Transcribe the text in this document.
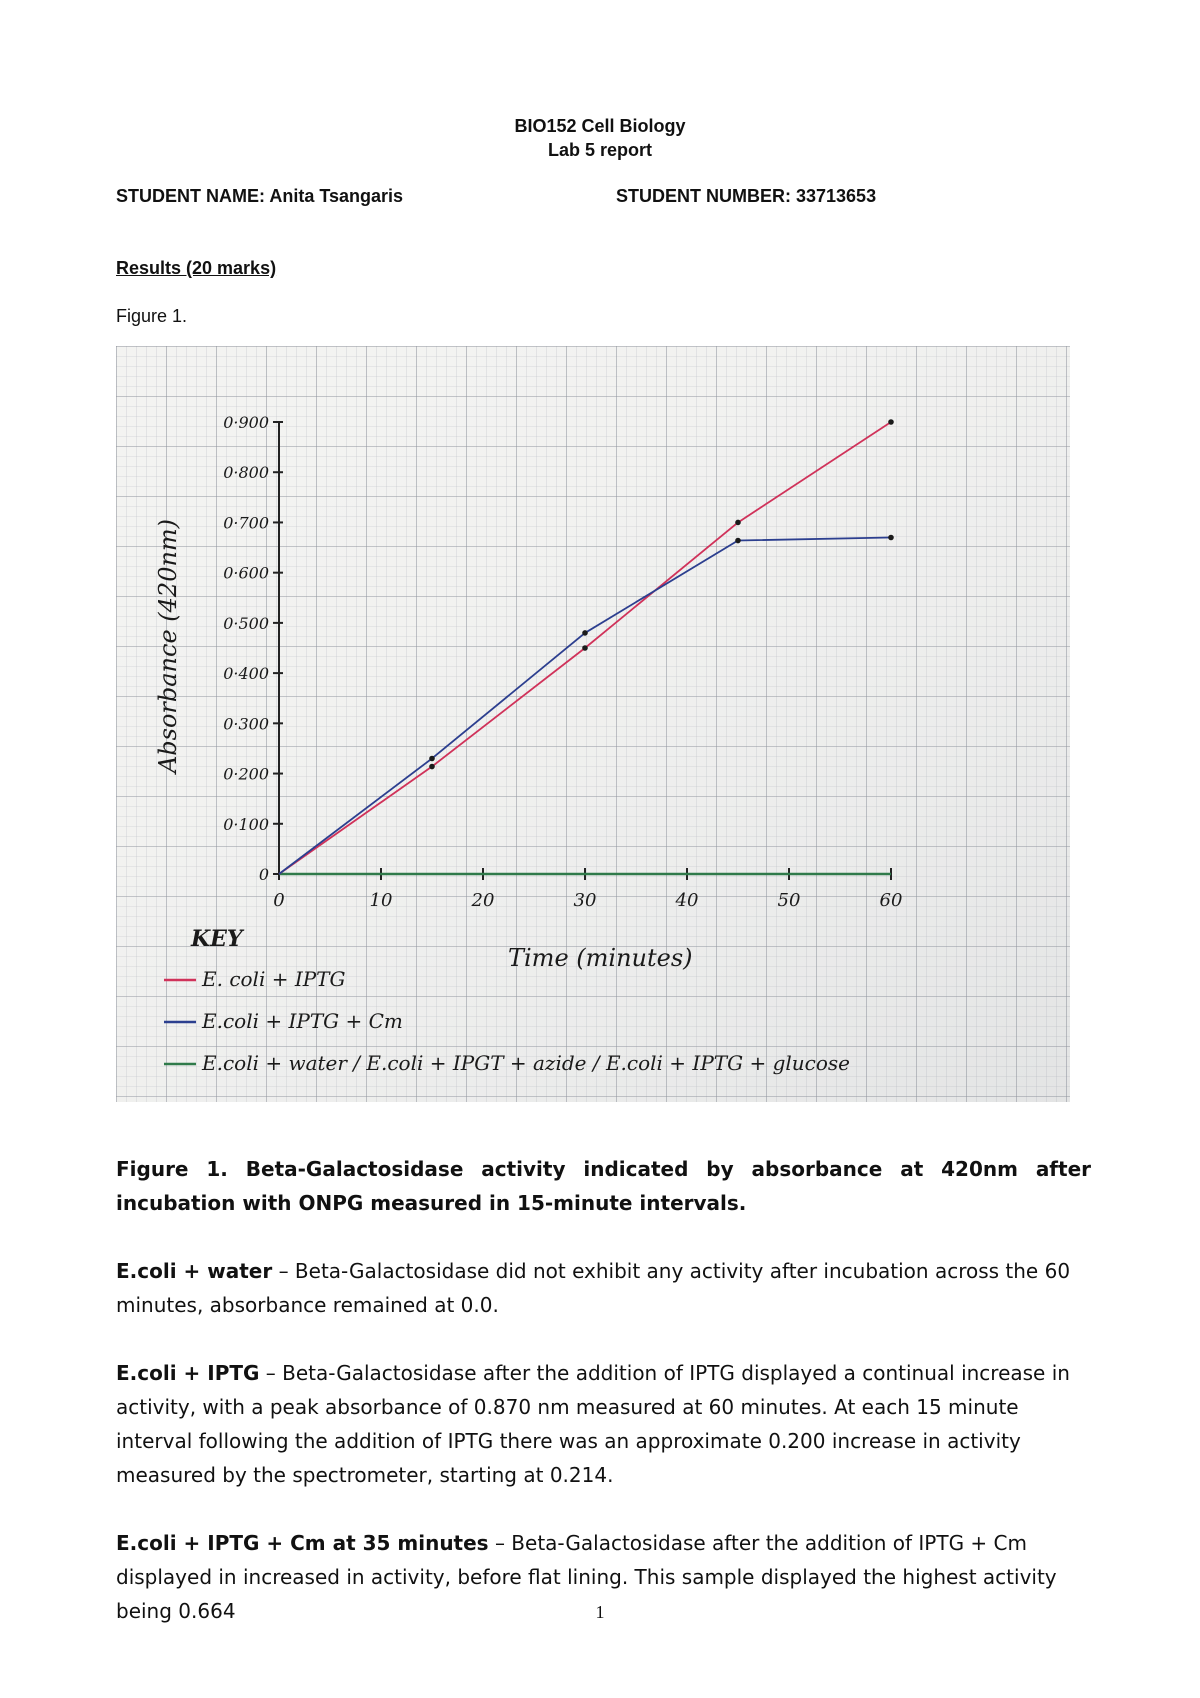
BIO152 Cell Biology
Lab 5 report
STUDENT NAME: Anita Tsangaris	STUDENT NUMBER: 33713653
Results (20 marks)
Figure 1.
0	10	20	30	40	50	60
0
0·100
0·200
0·300
0·400
0·500
0·600
0·700
0·800
0·900
Absorbance (420nm)
Time (minutes)
KEY
E. coli + IPTG
E.coli + IPTG + Cm
E.coli + water / E.coli + IPGT + azide / E.coli + IPTG + glucose
Figure 1. Beta-Galactosidase activity indicated by absorbance at 420nm after incubation with ONPG measured in 15-minute intervals.
E.coli + water – Beta-Galactosidase did not exhibit any activity after incubation across the 60 minutes, absorbance remained at 0.0.
E.coli + IPTG – Beta-Galactosidase after the addition of IPTG displayed a continual increase in activity, with a peak absorbance of 0.870 nm measured at 60 minutes. At each 15 minute interval following the addition of IPTG there was an approximate 0.200 increase in activity measured by the spectrometer, starting at 0.214.
E.coli + IPTG + Cm at 35 minutes – Beta-Galactosidase after the addition of IPTG + Cm displayed in increased in activity, before flat lining. This sample displayed the highest activity being 0.664	1
